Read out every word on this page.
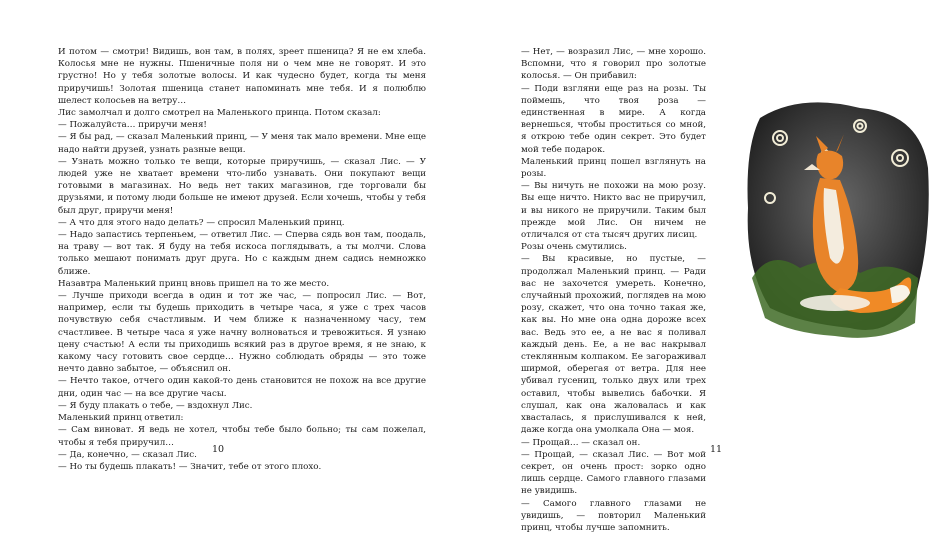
И потом — смотри! Видишь, вон там, в полях, зреет пшеница? Я не ем хлеба. Колосья мне не нужны. Пшеничные поля ни о чем мне не говорят. И это грустно! Но у тебя золотые волосы. И как чудесно будет, когда ты меня приручишь! Золотая пшеница станет напоминать мне тебя. И я полюблю шелест колосьев на ветру…

Лис замолчал и долго смотрел на Маленького принца. Потом сказал:

— Пожалуйста… приручи меня!

— Я бы рад, — сказал Маленький принц, — У меня так мало времени. Мне еще надо найти друзей, узнать разные вещи.

— Узнать можно только те вещи, которые приручишь, — сказал Лис. — У людей уже не хватает времени что-либо узнавать. Они покупают вещи готовыми в магазинах. Но ведь нет таких магазинов, где торговали бы друзьями, и потому люди больше не имеют друзей. Если хочешь, чтобы у тебя был друг, приручи меня!

— А что для этого надо делать? — спросил Маленький принц.

— Надо запастись терпеньем, — ответил Лис. — Сперва сядь вон там, поодаль, на траву — вот так. Я буду на тебя искоса поглядывать, а ты молчи. Слова только мешают понимать друг друга. Но с каждым днем садись немножко ближе.

Назавтра Маленький принц вновь пришел на то же место.

— Лучше приходи всегда в один и тот же час, — попросил Лис. — Вот, например, если ты будешь приходить в четыре часа, я уже с трех часов почувствую себя счастливым. И чем ближе к назначенному часу, тем счастливее. В четыре часа я уже начну волноваться и тревожиться. Я узнаю цену счастью! А если ты приходишь всякий раз в другое время, я не знаю, к какому часу готовить свое сердце… Нужно соблюдать обряды — это тоже нечто давно забытое, — объяснил он.

— Нечто такое, отчего один какой-то день становится не похож на все другие дни, один час — на все другие часы.

— Я буду плакать о тебе, — вздохнул Лис.

Маленький принц ответил:

— Сам виноват. Я ведь не хотел, чтобы тебе было больно; ты сам пожелал, чтобы я тебя приручил…

— Да, конечно, — сказал Лис.

— Но ты будешь плакать! — Значит, тебе от этого плохо.

10

— Нет, — возразил Лис, — мне хорошо. Вспомни, что я говорил про золотые колосья. — Он прибавил:

— Поди взгляни еще раз на розы. Ты поймешь, что твоя роза — единственная в мире. А когда вернешься, чтобы проститься со мной, я открою тебе один секрет. Это будет мой тебе подарок.

Маленький принц пошел взглянуть на розы.

— Вы ничуть не похожи на мою розу. Вы еще ничто. Никто вас не приручил, и вы никого не приручили. Таким был прежде мой Лис. Он ничем не отличался от ста тысяч других лисиц.

Розы очень смутились.

— Вы красивые, но пустые, — продолжал Маленький принц. — Ради вас не захочется умереть. Конечно, случайный прохожий, поглядев на мою розу, скажет, что она точно такая же, как вы. Но мне она одна дороже всех вас. Ведь это ее, а не вас я поливал каждый день. Ее, а не вас накрывал стеклянным колпаком. Ее загораживал ширмой, оберегая от ветра. Для нее убивал гусениц, только двух или трех оставил, чтобы вывелись бабочки. Я слушал, как она жаловалась и как хвасталась, я прислушивался к ней, даже когда она умолкала Она — моя.

— Прощай… — сказал он.

— Прощай, — сказал Лис. — Вот мой секрет, он очень прост: зорко одно лишь сердце. Самого главного глазами не увидишь.

— Самого главного глазами не увидишь, — повторил Маленький принц, чтобы лучше запомнить.

11
